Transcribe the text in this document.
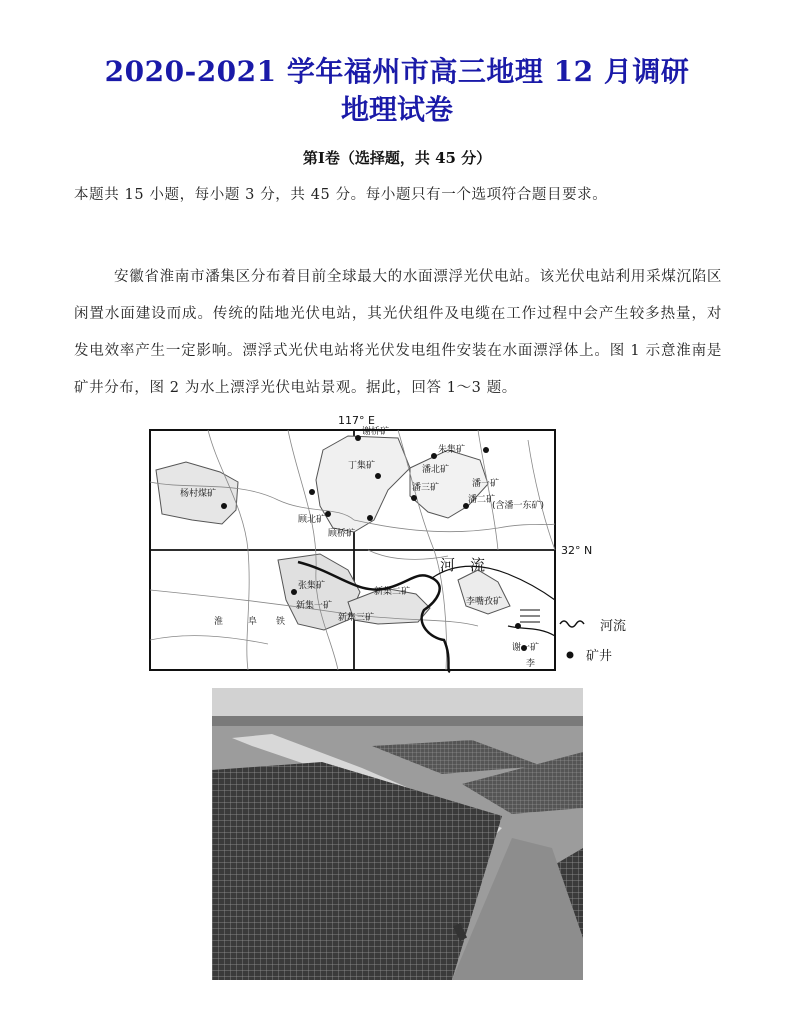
2020-2021 学年福州市高三地理 12 月调研
地理试卷
第Ⅰ卷（选择题，共 45 分）
本题共 15 小题，每小题 3 分，共 45 分。每小题只有一个选项符合题目要求。
安徽省淮南市潘集区分布着目前全球最大的水面漂浮光伏电站。该光伏电站利用采煤沉陷区闲置水面建设而成。传统的陆地光伏电站，其光伏组件及电缆在工作过程中会产生较多热量，对发电效率产生一定影响。漂浮式光伏电站将光伏发电组件安装在水面漂浮体上。图 1 示意淮南是矿井分布，图 2 为水上漂浮光伏电站景观。据此，回答 1～3 题。
117° E
32° N
杨村煤矿
谢桥矿
张集矿
新集一矿
丁集矿
顾北矿
顾桥矿
潘北矿
朱集矿
潘三矿	潘一矿
潘二矿
新集二矿
新集三矿
李嘴孜矿
谢一矿
李
(含潘一东矿)
淮	阜 铁
河　流
河流
矿井
